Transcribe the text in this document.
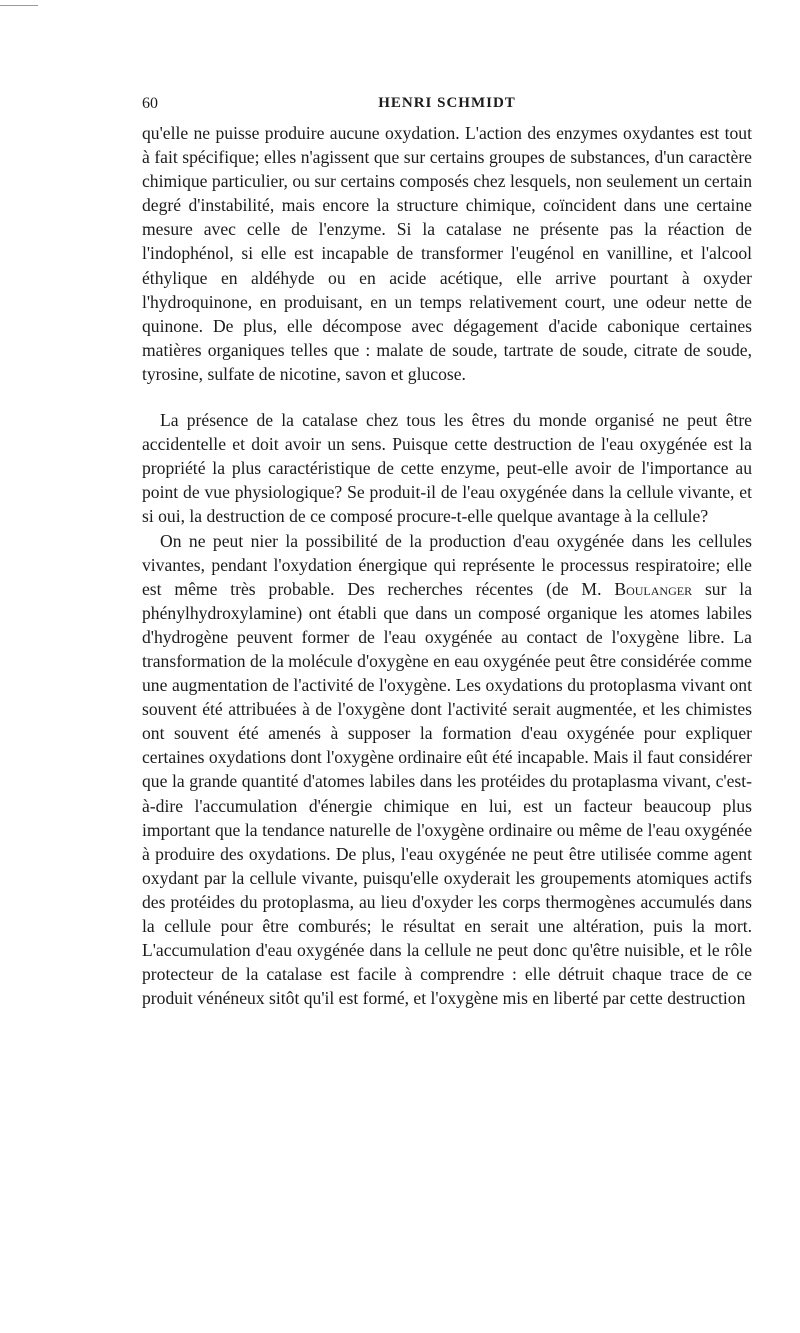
60	HENRI SCHMIDT

qu'elle ne puisse produire aucune oxydation. L'action des enzymes oxydantes est tout à fait spécifique; elles n'agissent que sur certains groupes de substances, d'un caractère chimique particulier, ou sur certains composés chez lesquels, non seulement un certain degré d'instabilité, mais encore la structure chimique, coïncident dans une certaine mesure avec celle de l'enzyme. Si la catalase ne présente pas la réaction de l'indophénol, si elle est incapable de transformer l'eugénol en vanilline, et l'alcool éthylique en aldéhyde ou en acide acétique, elle arrive pourtant à oxyder l'hydroquinone, en produisant, en un temps relativement court, une odeur nette de quinone. De plus, elle décompose avec dégagement d'acide cabonique certaines matières organiques telles que : malate de soude, tartrate de soude, citrate de soude, tyrosine, sulfate de nicotine, savon et glucose.

La présence de la catalase chez tous les êtres du monde organisé ne peut être accidentelle et doit avoir un sens. Puisque cette destruction de l'eau oxygénée est la propriété la plus caractéristique de cette enzyme, peut-elle avoir de l'importance au point de vue physiologique? Se produit-il de l'eau oxygénée dans la cellule vivante, et si oui, la destruction de ce composé procure-t-elle quelque avantage à la cellule?

On ne peut nier la possibilité de la production d'eau oxygénée dans les cellules vivantes, pendant l'oxydation énergique qui représente le processus respiratoire; elle est même très probable. Des recherches récentes (de M. Boulanger sur la phénylhydroxylamine) ont établi que dans un composé organique les atomes labiles d'hydrogène peuvent former de l'eau oxygénée au contact de l'oxygène libre. La transformation de la molécule d'oxygène en eau oxygénée peut être considérée comme une augmentation de l'activité de l'oxygène. Les oxydations du protoplasma vivant ont souvent été attribuées à de l'oxygène dont l'activité serait augmentée, et les chimistes ont souvent été amenés à supposer la formation d'eau oxygénée pour expliquer certaines oxydations dont l'oxygène ordinaire eût été incapable. Mais il faut considérer que la grande quantité d'atomes labiles dans les protéides du protaplasma vivant, c'est-à-dire l'accumulation d'énergie chimique en lui, est un facteur beaucoup plus important que la tendance naturelle de l'oxygène ordinaire ou même de l'eau oxygénée à produire des oxydations. De plus, l'eau oxygénée ne peut être utilisée comme agent oxydant par la cellule vivante, puisqu'elle oxyderait les groupements atomiques actifs des protéides du protoplasma, au lieu d'oxyder les corps thermogènes accumulés dans la cellule pour être comburés; le résultat en serait une altération, puis la mort. L'accumulation d'eau oxygénée dans la cellule ne peut donc qu'être nuisible, et le rôle protecteur de la catalase est facile à comprendre : elle détruit chaque trace de ce produit vénéneux sitôt qu'il est formé, et l'oxygène mis en liberté par cette destruction
